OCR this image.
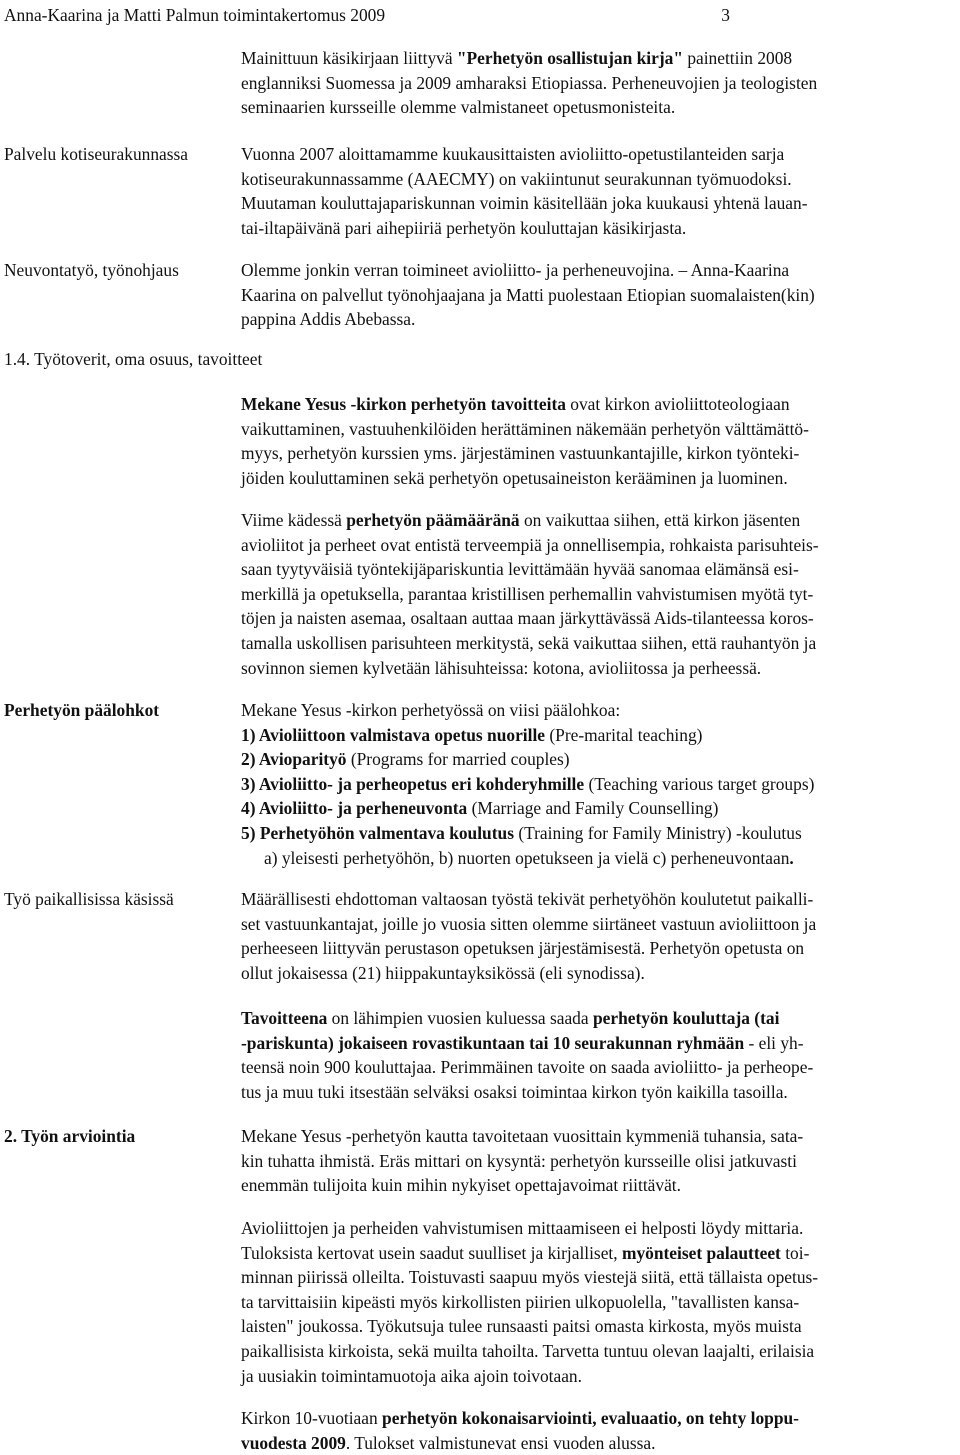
Anna-Kaarina ja Matti Palmun toimintakertomus 2009	3
Mainittuun käsikirjaan liittyvä "Perhetyön osallistujan kirja" painettiin 2008
englanniksi Suomessa ja 2009 amharaksi Etiopiassa. Perheneuvojien ja teologisten
seminaarien kursseille olemme valmistaneet opetusmonisteita.
Palvelu kotiseurakunnassa	Vuonna 2007 aloittamamme kuukausittaisten avioliitto-opetustilanteiden sarja
kotiseurakunnassamme (AAECMY) on vakiintunut seurakunnan työmuodoksi.
Muutaman kouluttajapariskunnan voimin käsitellään joka kuukausi yhtenä lauan-
tai-iltapäivänä pari aihepiiriä perhetyön kouluttajan käsikirjasta.
Neuvontatyö, työnohjaus	Olemme jonkin verran toimineet avioliitto- ja perheneuvojina. – Anna-Kaarina
Kaarina on palvellut työnohjaajana ja Matti puolestaan Etiopian suomalaisten(kin)
pappina Addis Abebassa.
1.4. Työtoverit, oma osuus, tavoitteet
Mekane Yesus -kirkon perhetyön tavoitteita ovat kirkon avioliittoteologiaan
vaikuttaminen, vastuuhenkilöiden herättäminen näkemään perhetyön välttämättö-
myys, perhetyön kurssien yms. järjestäminen vastuunkantajille, kirkon työnteki-
jöiden kouluttaminen sekä perhetyön opetusaineiston kerääminen ja luominen.
Viime kädessä perhetyön päämääränä on vaikuttaa siihen, että kirkon jäsenten
avioliitot ja perheet ovat entistä terveempiä ja onnellisempia, rohkaista parisuhteis-
saan tyytyväisiä työntekijäpariskuntia levittämään hyvää sanomaa elämänsä esi-
merkillä ja opetuksella, parantaa kristillisen perhemallin vahvistumisen myötä tyt-
töjen ja naisten asemaa, osaltaan auttaa maan järkyttävässä Aids-tilanteessa koros-
tamalla uskollisen parisuhteen merkitystä, sekä vaikuttaa siihen, että rauhantyön ja
sovinnon siemen kylvetään lähisuhteissa: kotona, avioliitossa ja perheessä.
Perhetyön päälohkot	Mekane Yesus -kirkon perhetyössä on viisi päälohkoa:
1) Avioliittoon valmistava opetus nuorille (Pre-marital teaching)
2) Avioparityö (Programs for married couples)
3) Avioliitto- ja perheopetus eri kohderyhmille (Teaching various target groups)
4) Avioliitto- ja perheneuvonta (Marriage and Family Counselling)
5) Perhetyöhön valmentava koulutus (Training for Family Ministry) -koulutus
a) yleisesti perhetyöhön, b) nuorten opetukseen ja vielä c) perheneuvontaan.
Työ paikallisissa käsissä	Määrällisesti ehdottoman valtaosan työstä tekivät perhetyöhön koulutetut paikalli-
set vastuunkantajat, joille jo vuosia sitten olemme siirtäneet vastuun avioliittoon ja
perheeseen liittyvän perustason opetuksen järjestämisestä. Perhetyön opetusta on
ollut jokaisessa (21) hiippakuntayksikössä (eli synodissa).
Tavoitteena on lähimpien vuosien kuluessa saada perhetyön kouluttaja (tai
-pariskunta) jokaiseen rovastikuntaan tai 10 seurakunnan ryhmään - eli yh-
teensä noin 900 kouluttajaa. Perimmäinen tavoite on saada avioliitto- ja perheope-
tus ja muu tuki itsestään selväksi osaksi toimintaa kirkon työn kaikilla tasoilla.
2. Työn arviointia	Mekane Yesus -perhetyön kautta tavoitetaan vuosittain kymmeniä tuhansia, sata-
kin tuhatta ihmistä. Eräs mittari on kysyntä: perhetyön kursseille olisi jatkuvasti
enemmän tulijoita kuin mihin nykyiset opettajavoimat riittävät.
Avioliittojen ja perheiden vahvistumisen mittaamiseen ei helposti löydy mittaria.
Tuloksista kertovat usein saadut suulliset ja kirjalliset, myönteiset palautteet toi-
minnan piirissä olleilta. Toistuvasti saapuu myös viestejä siitä, että tällaista opetus-
ta tarvittaisiin kipeästi myös kirkollisten piirien ulkopuolella, "tavallisten kansa-
laisten" joukossa. Työkutsuja tulee runsaasti paitsi omasta kirkosta, myös muista
paikallisista kirkoista, sekä muilta tahoilta. Tarvetta tuntuu olevan laajalti, erilaisia
ja uusiakin toimintamuotoja aika ajoin toivotaan.
Kirkon 10-vuotiaan perhetyön kokonaisarviointi, evaluaatio, on tehty loppu-
vuodesta 2009. Tulokset valmistunevat ensi vuoden alussa.
